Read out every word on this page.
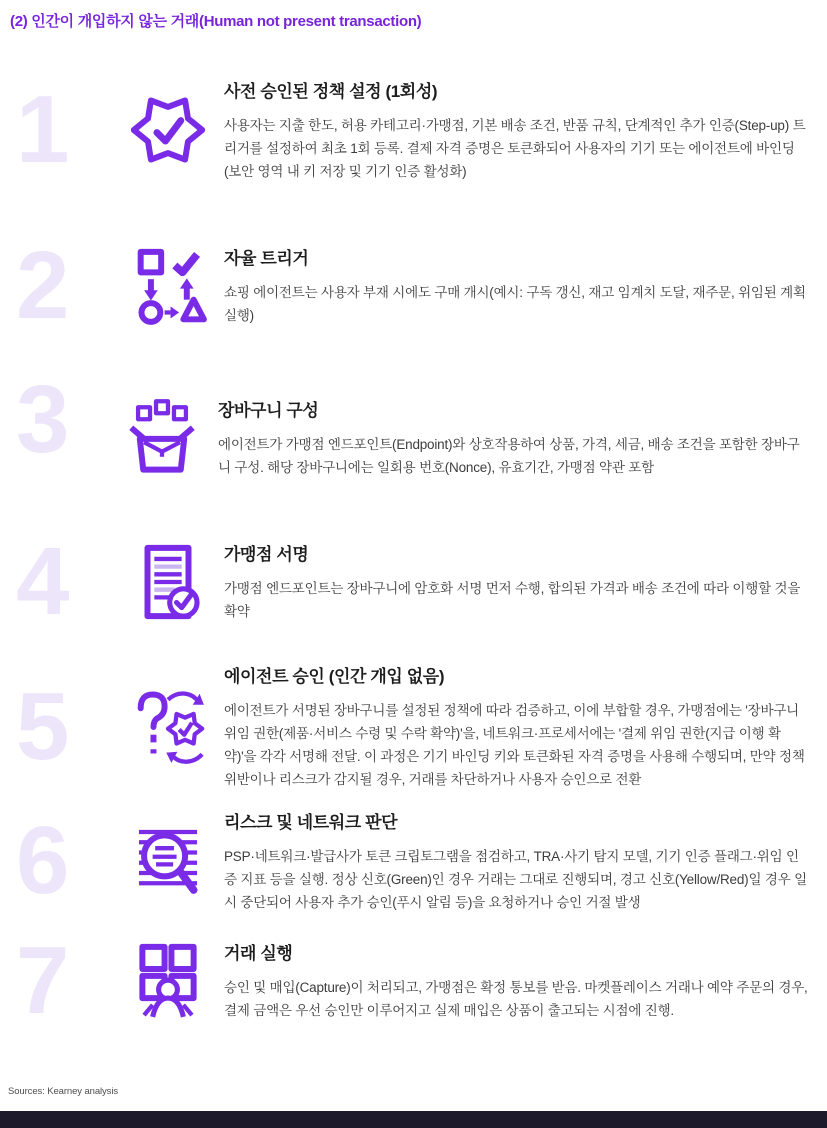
(2) 인간이 개입하지 않는 거래(Human not present transaction)
1	사전 승인된 정책 설정 (1회성)

사용자는 지출 한도, 허용 카테고리·가맹점, 기본 배송 조건, 반품 규칙, 단계적인 추가 인증(Step-up) 트리거를 설정하여 최초 1회 등록. 결제 자격 증명은 토큰화되어 사용자의 기기 또는 에이전트에 바인딩 (보안 영역 내 키 저장 및 기기 인증 활성화)

2	자율 트리거

쇼핑 에이전트는 사용자 부재 시에도 구매 개시(예시: 구독 갱신, 재고 임계치 도달, 재주문, 위임된 계획 실행)

장바구니 구성

에이전트가 가맹점 엔드포인트(Endpoint)와 상호작용하여 상품, 가격, 세금, 배송 조건을 포함한 장바구니 구성. 해당 장바구니에는 일회용 번호(Nonce), 유효기간, 가맹점 약관 포함

3
4	가맹점 서명

가맹점 엔드포인트는 장바구니에 암호화 서명 먼저 수행, 합의된 가격과 배송 조건에 따라 이행할 것을 확약

5	에이전트 승인 (인간 개입 없음)

에이전트가 서명된 장바구니를 설정된 정책에 따라 검증하고, 이에 부합할 경우, 가맹점에는 '장바구니 위임 권한(제품·서비스 수령 및 수락 확약)'을, 네트워크·프로세서에는 '결제 위임 권한(지급 이행 확약)'을 각각 서명해 전달. 이 과정은 기기 바인딩 키와 토큰화된 자격 증명을 사용해 수행되며, 만약 정책 위반이나 리스크가 감지될 경우, 거래를 차단하거나 사용자 승인으로 전환

6	리스크 및 네트워크 판단

PSP·네트워크·발급사가 토큰 크립토그램을 점검하고, TRA·사기 탐지 모델, 기기 인증 플래그·위임 인증 지표 등을 실행. 정상 신호(Green)인 경우 거래는 그대로 진행되며, 경고 신호(Yellow/Red)일 경우 일시 중단되어 사용자 추가 승인(푸시 알림 등)을 요청하거나 승인 거절 발생

7	거래 실행

승인 및 매입(Capture)이 처리되고, 가맹점은 확정 통보를 받음. 마켓플레이스 거래나 예약 주문의 경우, 결제 금액은 우선 승인만 이루어지고 실제 매입은 상품이 출고되는 시점에 진행.

Sources: Kearney analysis
